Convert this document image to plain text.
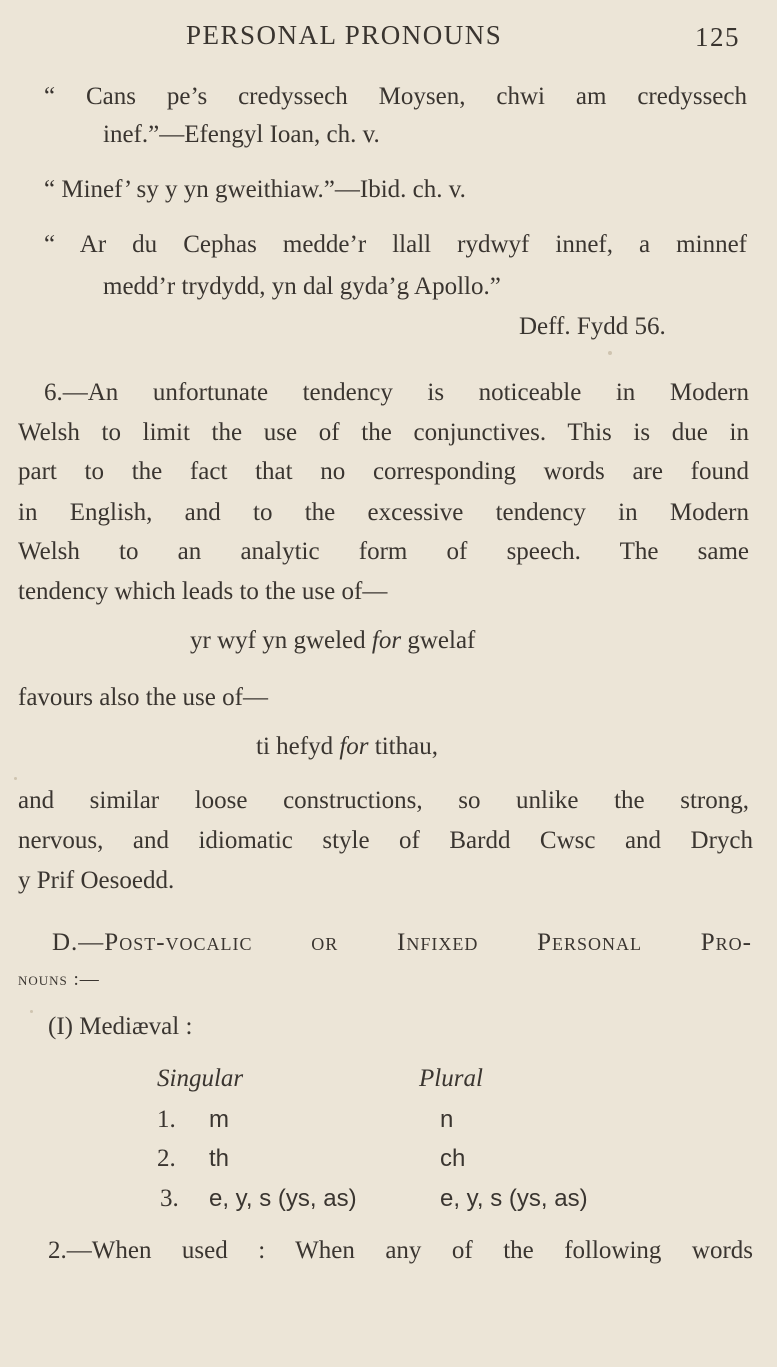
PERSONAL PRONOUNS	125
“ Cans pe’s credyssech Moysen, chwi am credyssech
inef.”—Efengyl Ioan, ch. v.
“ Minef’ sy y yn gweithiaw.”—Ibid. ch. v.
“ Ar du Cephas medde’r llall rydwyf innef, a minnef
medd’r trydydd, yn dal gyda’g Apollo.”
Deff. Fydd 56.
6.—An unfortunate tendency is noticeable in Modern
Welsh to limit the use of the conjunctives. This is due in
part to the fact that no corresponding words are found
in English, and to the excessive tendency in Modern
Welsh to an analytic form of speech. The same
tendency which leads to the use of—
yr wyf yn gweled for gwelaf
favours also the use of—
ti hefyd for tithau,
and similar loose constructions, so unlike the strong,
nervous, and idiomatic style of Bardd Cwsc and Drych
y Prif Oesoedd.
D.—Post-vocalic or Infixed Personal Pro-
nouns :—
(I) Mediæval :
Singular	Plural
1. m	n
2. th	ch
3. e, y, s (ys, as)	e, y, s (ys, as)
2.—When used : When any of the following words
